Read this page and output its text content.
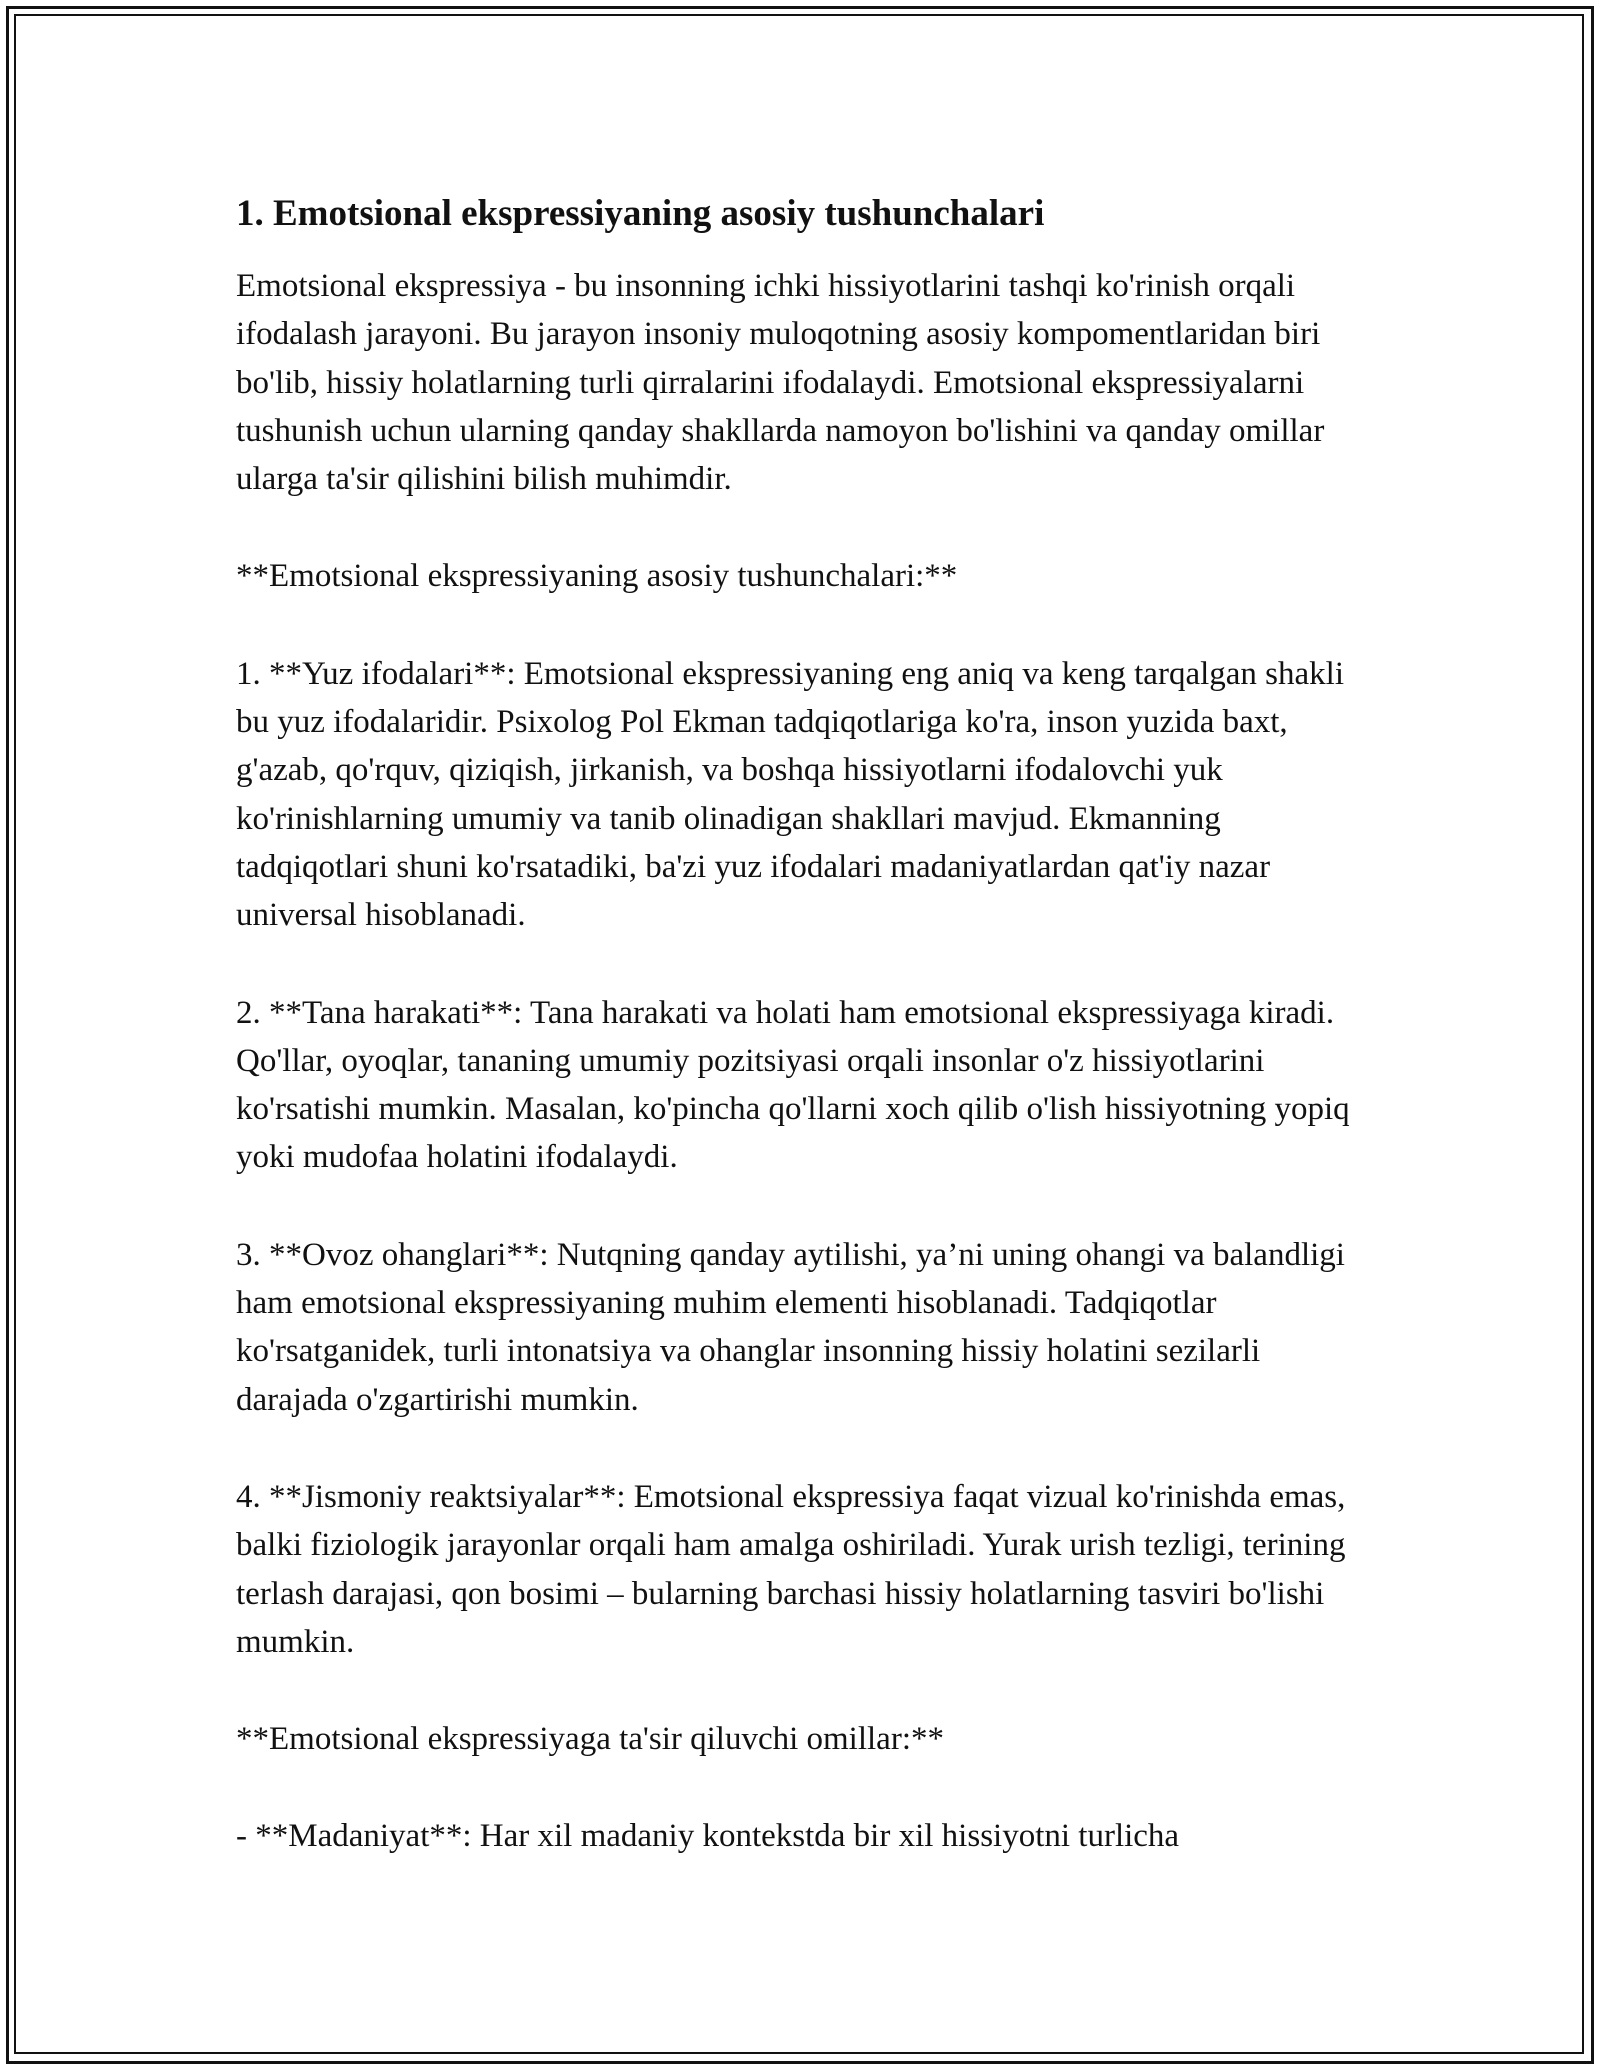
1. Emotsional ekspressiyaning asosiy tushunchalari

Emotsional ekspressiya - bu insonning ichki hissiyotlarini tashqi ko'rinish orqali ifodalash jarayoni. Bu jarayon insoniy muloqotning asosiy kompomentlaridan biri bo'lib, hissiy holatlarning turli qirralarini ifodalaydi. Emotsional ekspressiyalarni tushunish uchun ularning qanday shakllarda namoyon bo'lishini va qanday omillar ularga ta'sir qilishini bilish muhimdir.

**Emotsional ekspressiyaning asosiy tushunchalari:**

1. **Yuz ifodalari**: Emotsional ekspressiyaning eng aniq va keng tarqalgan shakli bu yuz ifodalaridir. Psixolog Pol Ekman tadqiqotlariga ko'ra, inson yuzida baxt, g'azab, qo'rquv, qiziqish, jirkanish, va boshqa hissiyotlarni ifodalovchi yuk ko'rinishlarning umumiy va tanib olinadigan shakllari mavjud. Ekmanning tadqiqotlari shuni ko'rsatadiki, ba'zi yuz ifodalari madaniyatlardan qat'iy nazar universal hisoblanadi.

2. **Tana harakati**: Tana harakati va holati ham emotsional ekspressiyaga kiradi. Qo'llar, oyoqlar, tananing umumiy pozitsiyasi orqali insonlar o'z hissiyotlarini ko'rsatishi mumkin. Masalan, ko'pincha qo'llarni xoch qilib o'lish hissiyotning yopiq yoki mudofaa holatini ifodalaydi.

3. **Ovoz ohanglari**: Nutqning qanday aytilishi, ya’ni uning ohangi va balandligi ham emotsional ekspressiyaning muhim elementi hisoblanadi. Tadqiqotlar ko'rsatganidek, turli intonatsiya va ohanglar insonning hissiy holatini sezilarli darajada o'zgartirishi mumkin.

4. **Jismoniy reaktsiyalar**: Emotsional ekspressiya faqat vizual ko'rinishda emas, balki fiziologik jarayonlar orqali ham amalga oshiriladi. Yurak urish tezligi, terining terlash darajasi, qon bosimi – bularning barchasi hissiy holatlarning tasviri bo'lishi mumkin.

**Emotsional ekspressiyaga ta'sir qiluvchi omillar:**

- **Madaniyat**: Har xil madaniy kontekstda bir xil hissiyotni turlicha
